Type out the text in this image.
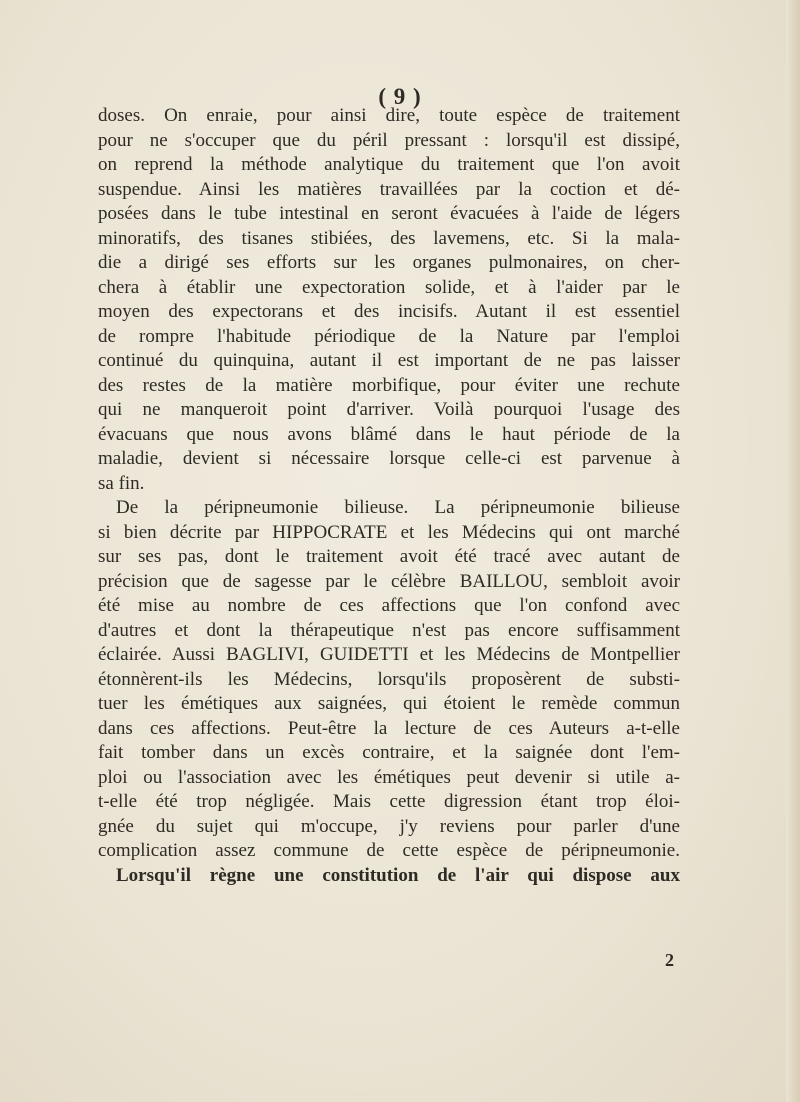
( 9 )
doses. On enraie, pour ainsi dire, toute espèce de traitement
pour ne s'occuper que du péril pressant : lorsqu'il est dissipé,
on reprend la méthode analytique du traitement que l'on avoit
suspendue. Ainsi les matières travaillées par la coction et dé-
posées dans le tube intestinal en seront évacuées à l'aide de légers
minoratifs, des tisanes stibiées, des lavemens, etc. Si la mala-
die a dirigé ses efforts sur les organes pulmonaires, on cher-
chera à établir une expectoration solide, et à l'aider par le
moyen des expectorans et des incisifs. Autant il est essentiel
de rompre l'habitude périodique de la Nature par l'emploi
continué du quinquina, autant il est important de ne pas laisser
des restes de la matière morbifique, pour éviter une rechute
qui ne manqueroit point d'arriver. Voilà pourquoi l'usage des
évacuans que nous avons blâmé dans le haut période de la
maladie, devient si nécessaire lorsque celle-ci est parvenue à
sa fin.
De la péripneumonie bilieuse. La péripneumonie bilieuse
si bien décrite par HIPPOCRATE et les Médecins qui ont marché
sur ses pas, dont le traitement avoit été tracé avec autant de
précision que de sagesse par le célèbre BAILLOU, sembloit avoir
été mise au nombre de ces affections que l'on confond avec
d'autres et dont la thérapeutique n'est pas encore suffisamment
éclairée. Aussi BAGLIVI, GUIDETTI et les Médecins de Montpellier
étonnèrent-ils les Médecins, lorsqu'ils proposèrent de substi-
tuer les émétiques aux saignées, qui étoient le remède commun
dans ces affections. Peut-être la lecture de ces Auteurs a-t-elle
fait tomber dans un excès contraire, et la saignée dont l'em-
ploi ou l'association avec les émétiques peut devenir si utile a-
t-elle été trop négligée. Mais cette digression étant trop éloi-
gnée du sujet qui m'occupe, j'y reviens pour parler d'une
complication assez commune de cette espèce de péripneumonie.
Lorsqu'il règne une constitution de l'air qui dispose aux
2
